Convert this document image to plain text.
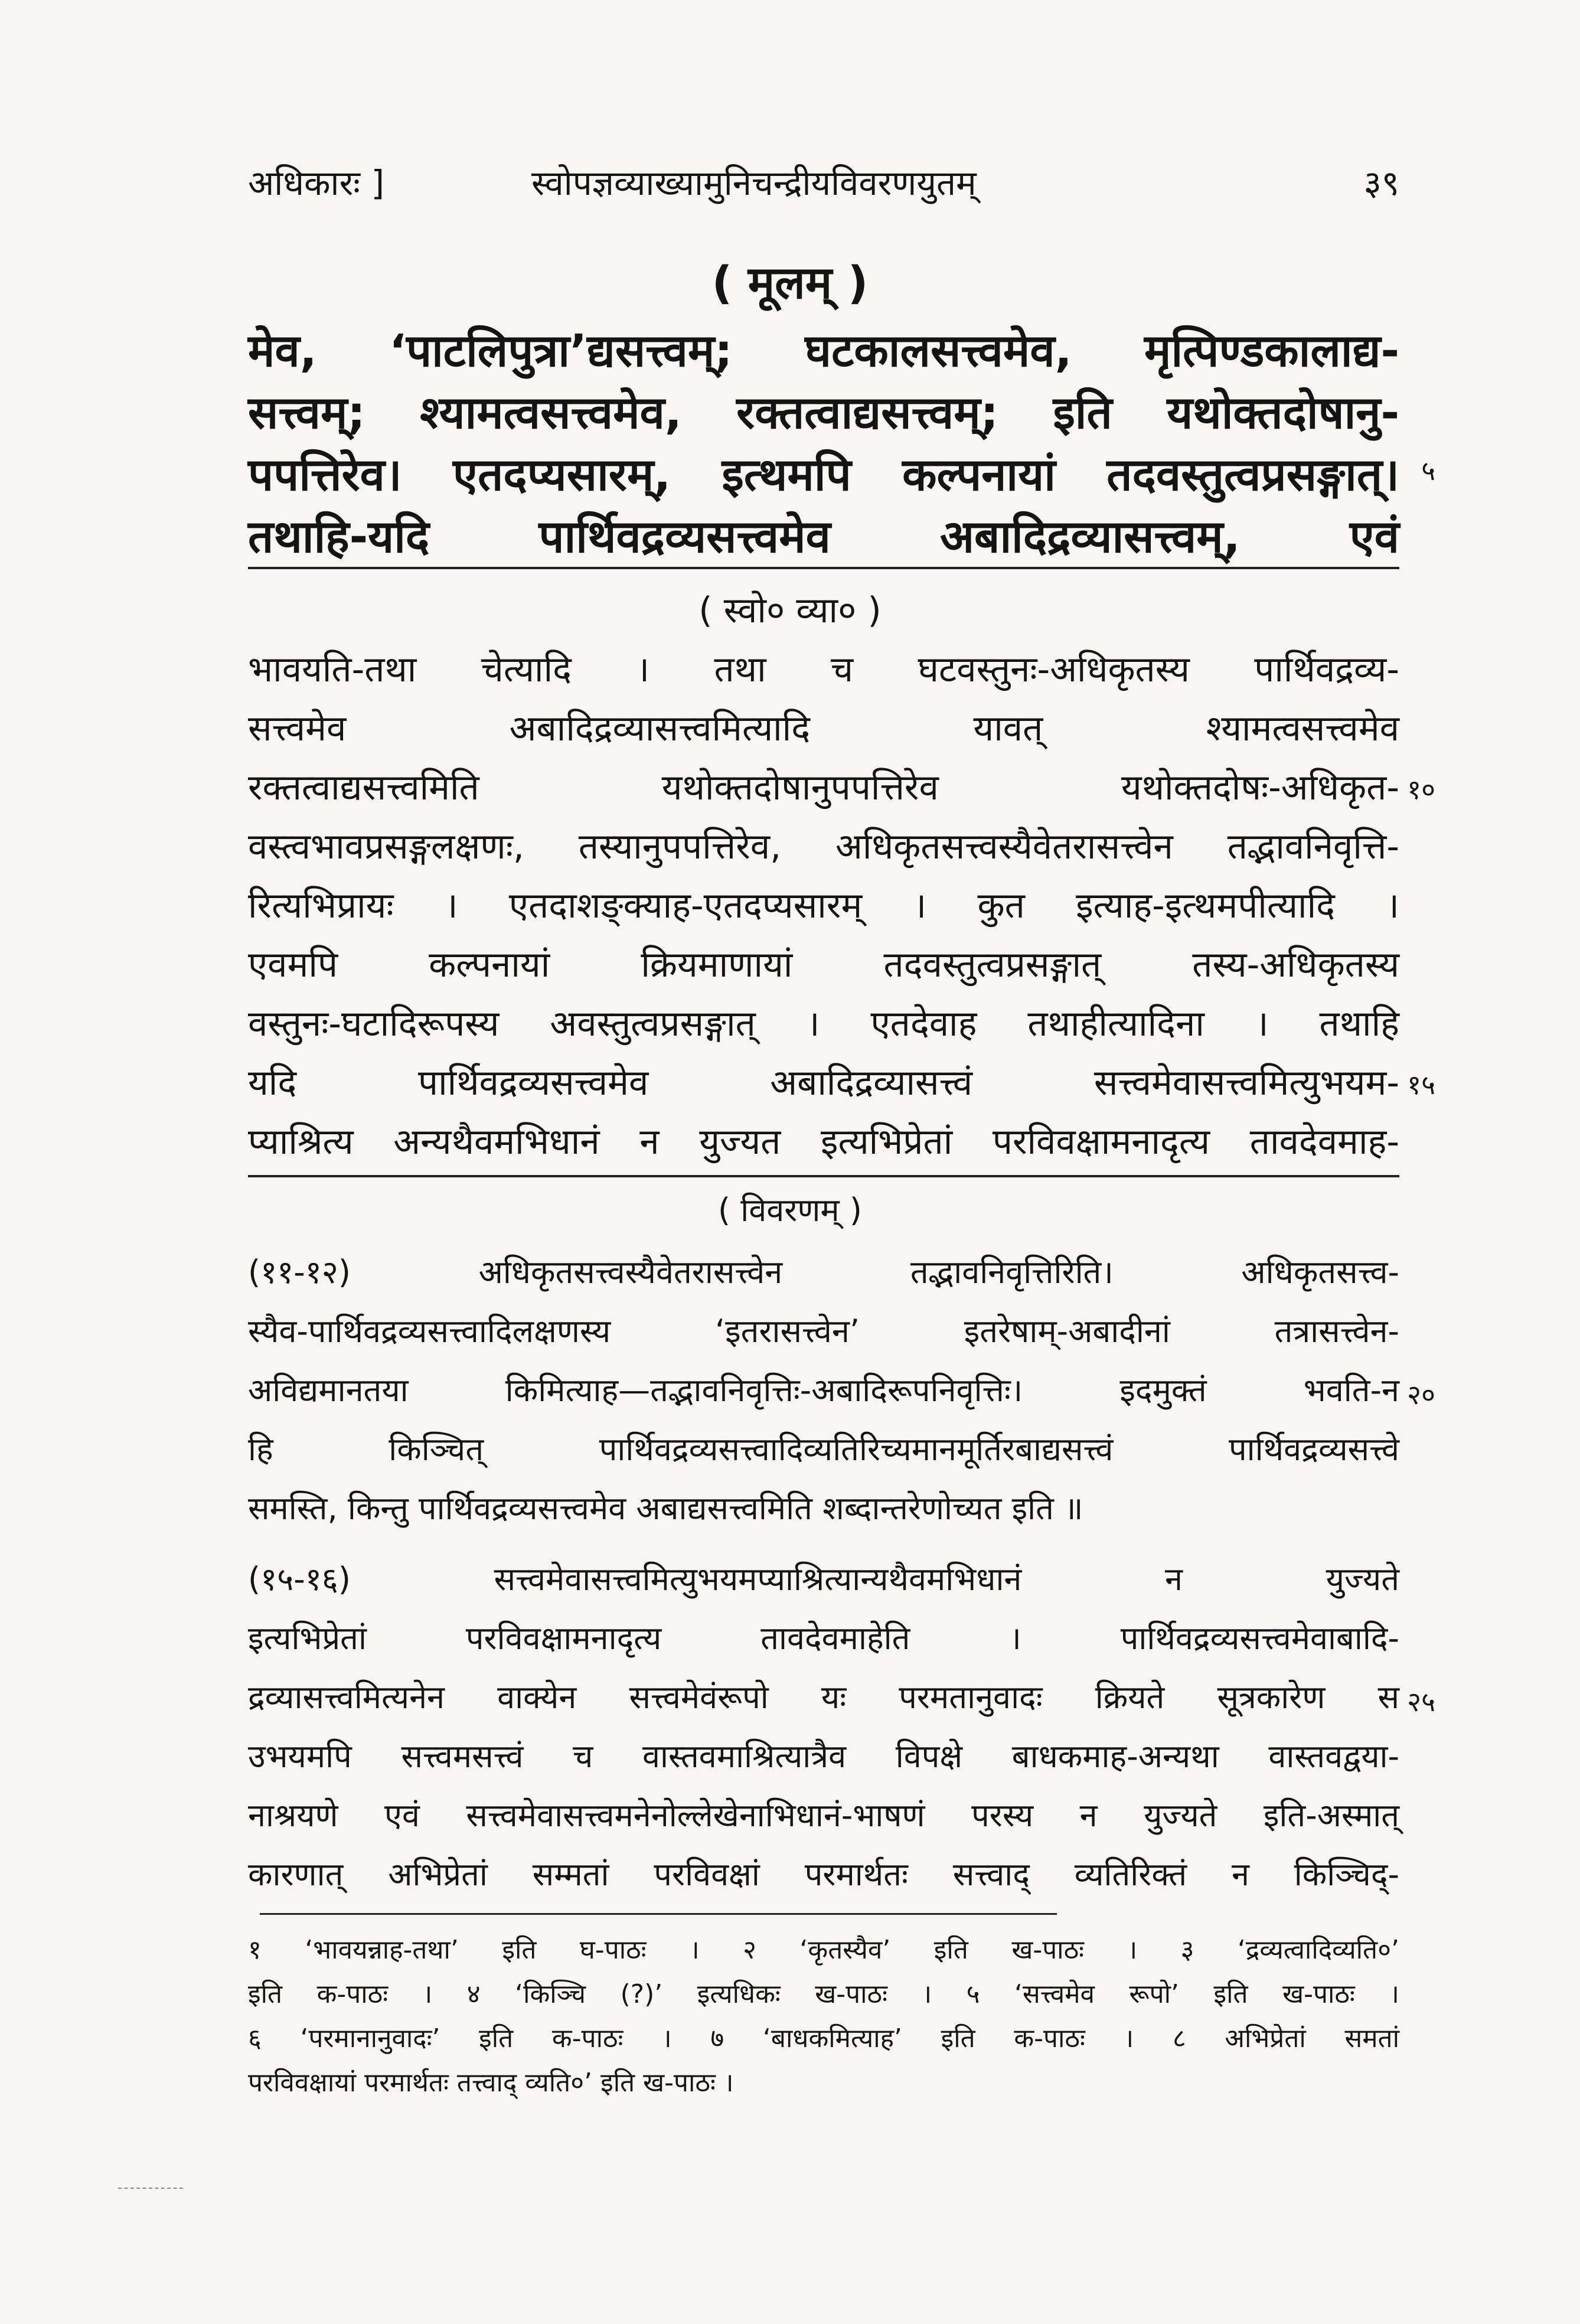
अधिकारः ]	स्वोपज्ञव्याख्यामुनिचन्द्रीयविवरणयुतम्	३९
( मूलम् )
मेव, ‘पाटलिपुत्रा’द्यसत्त्वम्; घटकालसत्त्वमेव, मृत्पिण्डकालाद्य-
सत्त्वम्; श्यामत्वसत्त्वमेव, रक्तत्वाद्यसत्त्वम्; इति यथोक्तदोषानु-
पपत्तिरेव। एतदप्यसारम्, इत्थमपि कल्पनायां तदवस्तुत्वप्रसङ्गात्।
तथाहि-यदि पार्थिवद्रव्यसत्त्वमेव अबादिद्रव्यासत्त्वम्, एवं
५
( स्वो० व्या० )
भावयति-तथा चेत्यादि । तथा च घटवस्तुनः-अधिकृतस्य पार्थिवद्रव्य-
सत्त्वमेव अबादिद्रव्यासत्त्वमित्यादि यावत् श्यामत्वसत्त्वमेव
रक्तत्वाद्यसत्त्वमिति यथोक्तदोषानुपपत्तिरेव यथोक्तदोषः-अधिकृत-
वस्त्वभावप्रसङ्गलक्षणः, तस्यानुपपत्तिरेव, अधिकृतसत्त्वस्यैवेतरासत्त्वेन तद्भावनिवृत्ति-
रित्यभिप्रायः । एतदाशङ्क्याह-एतदप्यसारम् । कुत इत्याह-इत्थमपीत्यादि ।
एवमपि कल्पनायां क्रियमाणायां तदवस्तुत्वप्रसङ्गात् तस्य-अधिकृतस्य
वस्तुनः-घटादिरूपस्य अवस्तुत्वप्रसङ्गात् । एतदेवाह तथाहीत्यादिना । तथाहि
यदि पार्थिवद्रव्यसत्त्वमेव अबादिद्रव्यासत्त्वं सत्त्वमेवासत्त्वमित्युभयम-
प्याश्रित्य अन्यथैवमभिधानं न युज्यत इत्यभिप्रेतां परविवक्षामनादृत्य तावदेवमाह-
१०
१५
( विवरणम् )
(११-१२) अधिकृतसत्त्वस्यैवेतरासत्त्वेन तद्भावनिवृत्तिरिति। अधिकृतसत्त्व-
स्यैव-पार्थिवद्रव्यसत्त्वादिलक्षणस्य ‘इतरासत्त्वेन’ इतरेषाम्-अबादीनां तत्रासत्त्वेन-
अविद्यमानतया किमित्याह—तद्भावनिवृत्तिः-अबादिरूपनिवृत्तिः। इदमुक्तं भवति-न
हि किञ्चित् पार्थिवद्रव्यसत्त्वादिव्यतिरिच्यमानमूर्तिरबाद्यसत्त्वं पार्थिवद्रव्यसत्त्वे
समस्ति, किन्तु पार्थिवद्रव्यसत्त्वमेव अबाद्यसत्त्वमिति शब्दान्तरेणोच्यत इति ॥
(१५-१६) सत्त्वमेवासत्त्वमित्युभयमप्याश्रित्यान्यथैवमभिधानं न युज्यते
इत्यभिप्रेतां परविवक्षामनादृत्य तावदेवमाहेति । पार्थिवद्रव्यसत्त्वमेवाबादि-
द्रव्यासत्त्वमित्यनेन वाक्येन सत्त्वमेवंरूपो यः परमतानुवादः क्रियते सूत्रकारेण स
उभयमपि सत्त्वमसत्त्वं च वास्तवमाश्रित्यात्रैव विपक्षे बाधकमाह-अन्यथा वास्तवद्वया-
नाश्रयणे एवं सत्त्वमेवासत्त्वमनेनोल्लेखेनाभिधानं-भाषणं परस्य न युज्यते इति-अस्मात्
कारणात् अभिप्रेतां सम्मतां परविवक्षां परमार्थतः सत्त्वाद् व्यतिरिक्तं न किञ्चिद्-
२०
२५
१ ‘भावयन्नाह-तथा’ इति घ-पाठः । २ ‘कृतस्यैव’ इति ख-पाठः । ३ ‘द्रव्यत्वादिव्यति०’
इति क-पाठः । ४ ‘किञ्चि (?)’ इत्यधिकः ख-पाठः । ५ ‘सत्त्वमेव रूपो’ इति ख-पाठः ।
६ ‘परमानानुवादः’ इति क-पाठः । ७ ‘बाधकमित्याह’ इति क-पाठः । ८ अभिप्रेतां समतां
परविवक्षायां परमार्थतः तत्त्वाद् व्यति०’ इति ख-पाठः ।
